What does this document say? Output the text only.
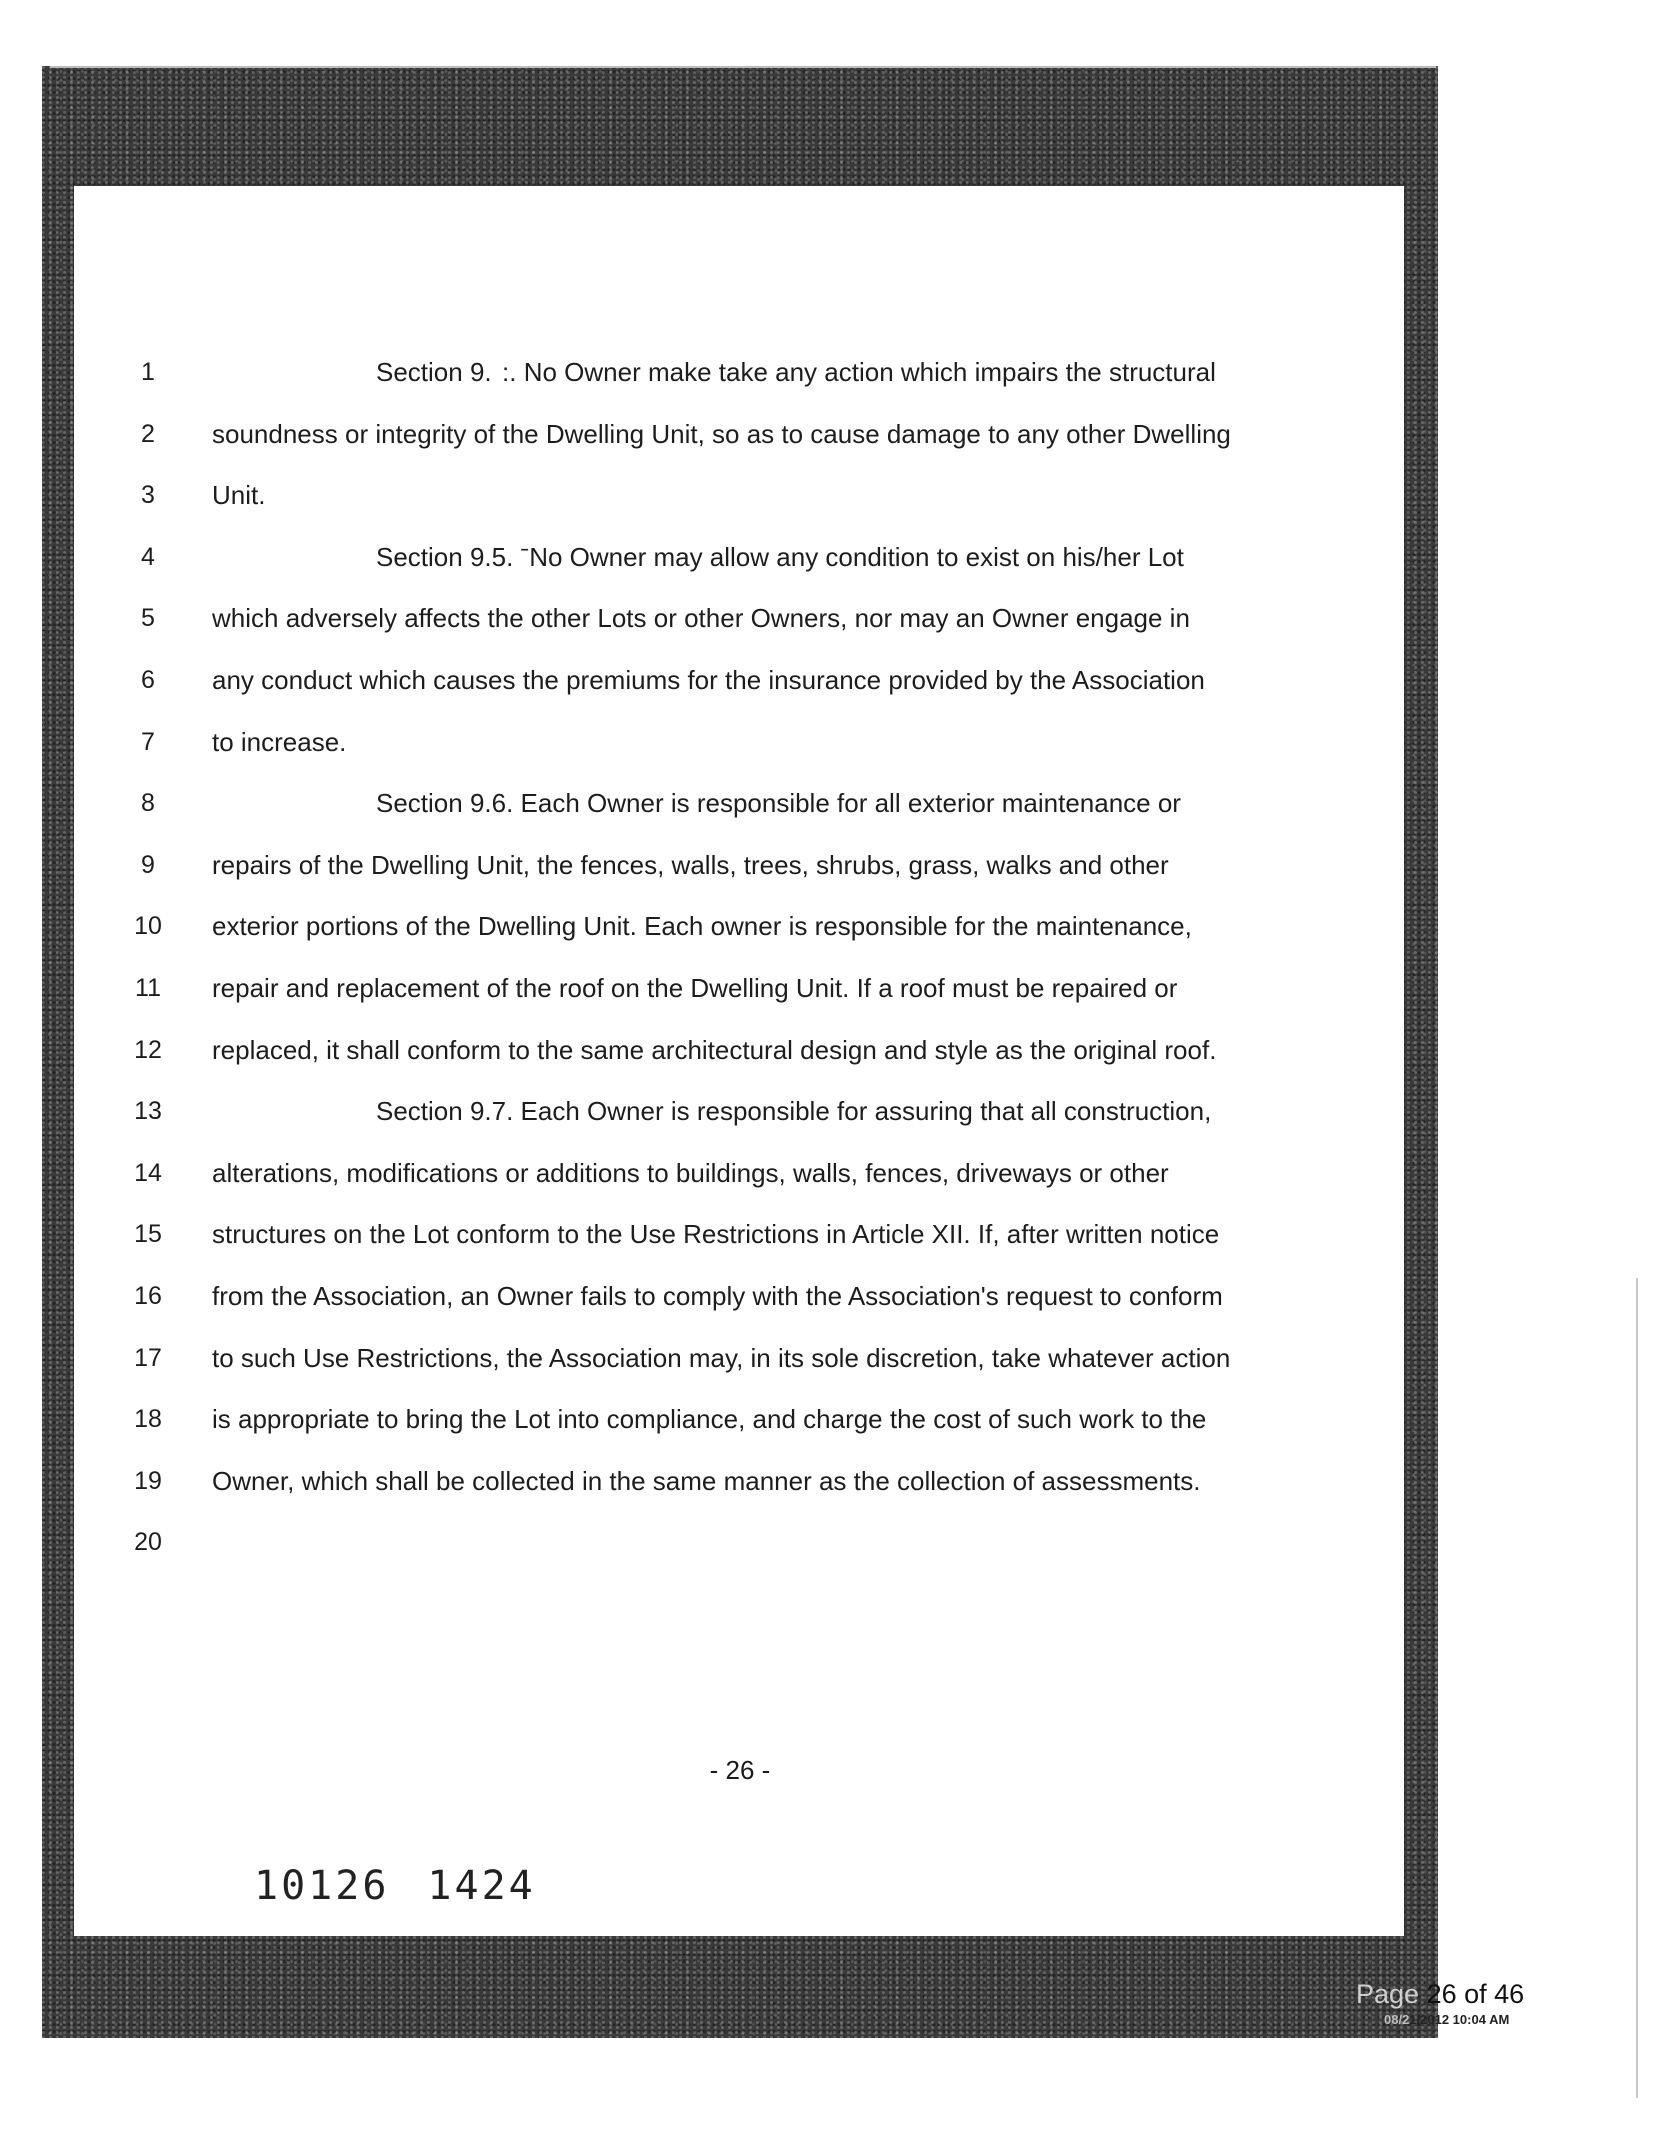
1	Section 9.  :. No Owner make take any action which impairs the structural
2	soundness or integrity of the Dwelling Unit, so as to cause damage to any other Dwelling
3	Unit.
4	Section 9.5. ˉNo Owner may allow any condition to exist on his/her Lot
5	which adversely affects the other Lots or other Owners, nor may an Owner engage in
6	any conduct which causes the premiums for the insurance provided by the Association
7	to increase.
8	Section 9.6. Each Owner is responsible for all exterior maintenance or
9	repairs of the Dwelling Unit, the fences, walls, trees, shrubs, grass, walks and other
10	exterior portions of the Dwelling Unit. Each owner is responsible for the maintenance,
11	repair and replacement of the roof on the Dwelling Unit. If a roof must be repaired or
12	replaced, it shall conform to the same architectural design and style as the original roof.
13	Section 9.7. Each Owner is responsible for assuring that all construction,
14	alterations, modifications or additions to buildings, walls, fences, driveways or other
15	structures on the Lot conform to the Use Restrictions in Article XII. If, after written notice
16	from the Association, an Owner fails to comply with the Association's request to conform
17	to such Use Restrictions, the Association may, in its sole discretion, take whatever action
18	is appropriate to bring the Lot into compliance, and charge the cost of such work to the
19	Owner, which shall be collected in the same manner as the collection of assessments.
20
- 26 -
10126 1424
Page 26 of 46
08/21/2012 10:04 AM
